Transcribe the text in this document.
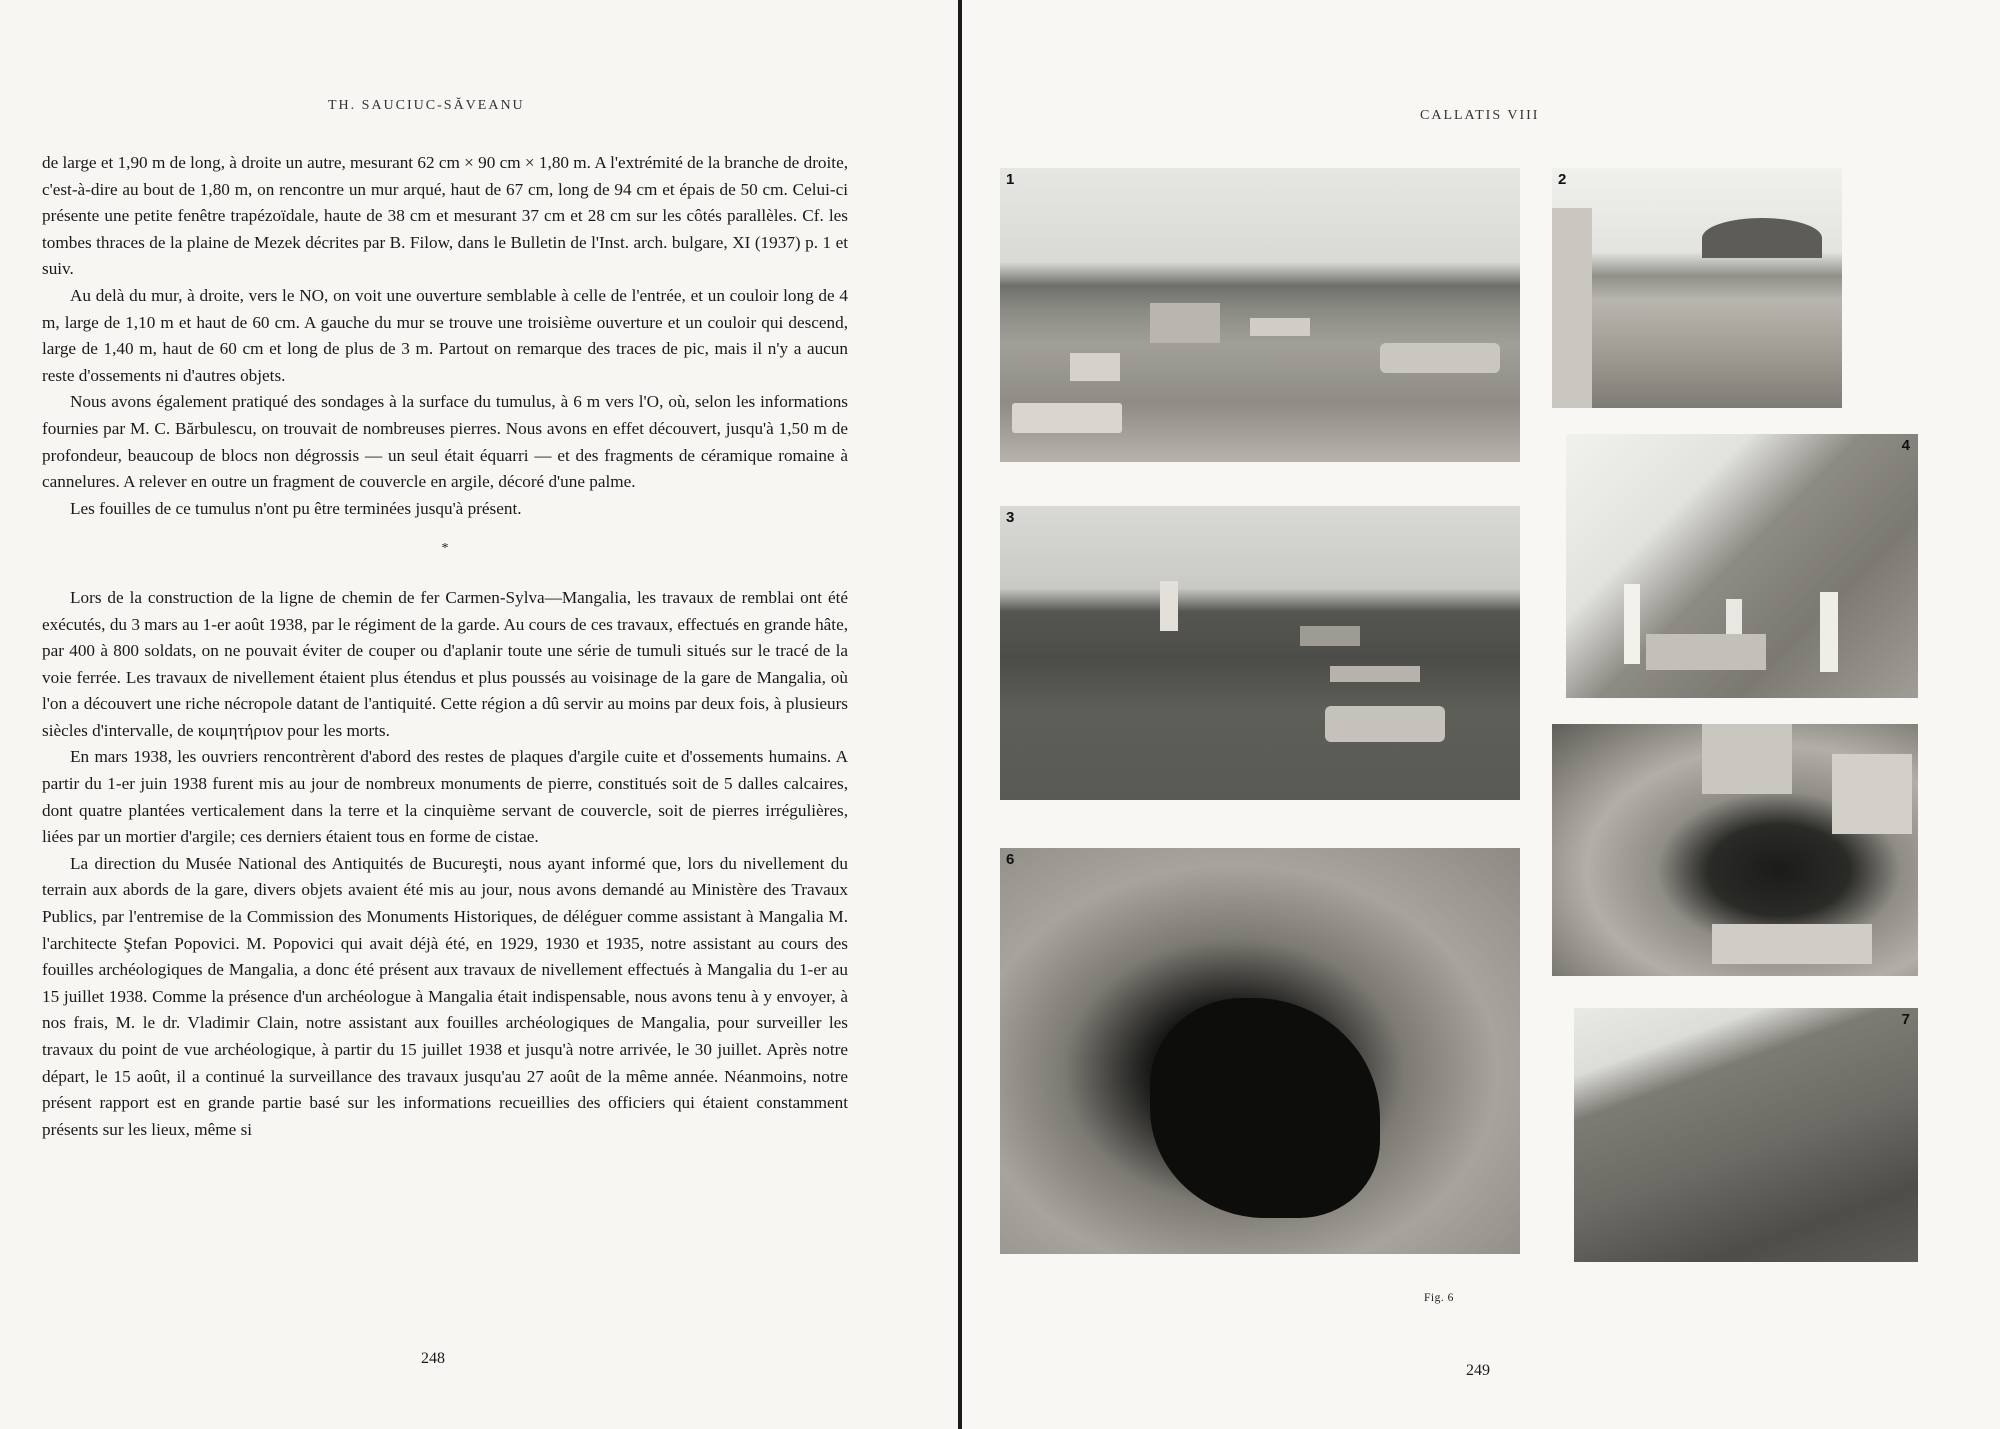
TH. SAUCIUC-SĂVEANU

de large et 1,90 m de long, à droite un autre, mesurant 62 cm × 90 cm × 1,80 m. A l'extrémité de la branche de droite, c'est-à-dire au bout de 1,80 m, on rencontre un mur arqué, haut de 67 cm, long de 94 cm et épais de 50 cm. Celui-ci présente une petite fenêtre trapézoïdale, haute de 38 cm et mesurant 37 cm et 28 cm sur les côtés parallèles. Cf. les tombes thraces de la plaine de Mezek décrites par B. Filow, dans le Bulletin de l'Inst. arch. bulgare, XI (1937) p. 1 et suiv.

Au delà du mur, à droite, vers le NO, on voit une ouverture semblable à celle de l'entrée, et un couloir long de 4 m, large de 1,10 m et haut de 60 cm. A gauche du mur se trouve une troisième ouverture et un couloir qui descend, large de 1,40 m, haut de 60 cm et long de plus de 3 m. Partout on remarque des traces de pic, mais il n'y a aucun reste d'ossements ni d'autres objets.

Nous avons également pratiqué des sondages à la surface du tumulus, à 6 m vers l'O, où, selon les informations fournies par M. C. Bărbulescu, on trouvait de nombreuses pierres. Nous avons en effet découvert, jusqu'à 1,50 m de profondeur, beaucoup de blocs non dégrossis — un seul était équarri — et des fragments de céramique romaine à cannelures. A relever en outre un fragment de couvercle en argile, décoré d'une palme.

Les fouilles de ce tumulus n'ont pu être terminées jusqu'à présent.

*

Lors de la construction de la ligne de chemin de fer Carmen-Sylva—Mangalia, les travaux de remblai ont été exécutés, du 3 mars au 1-er août 1938, par le régiment de la garde. Au cours de ces travaux, effectués en grande hâte, par 400 à 800 soldats, on ne pouvait éviter de couper ou d'aplanir toute une série de tumuli situés sur le tracé de la voie ferrée. Les travaux de nivellement étaient plus étendus et plus poussés au voisinage de la gare de Mangalia, où l'on a découvert une riche nécropole datant de l'antiquité. Cette région a dû servir au moins par deux fois, à plusieurs siècles d'intervalle, de κοιμητήριον pour les morts.

En mars 1938, les ouvriers rencontrèrent d'abord des restes de plaques d'argile cuite et d'ossements humains. A partir du 1-er juin 1938 furent mis au jour de nombreux monuments de pierre, constitués soit de 5 dalles calcaires, dont quatre plantées verticalement dans la terre et la cinquième servant de couvercle, soit de pierres irrégulières, liées par un mortier d'argile; ces derniers étaient tous en forme de cistae.

La direction du Musée National des Antiquités de Bucureşti, nous ayant informé que, lors du nivellement du terrain aux abords de la gare, divers objets avaient été mis au jour, nous avons demandé au Ministère des Travaux Publics, par l'entremise de la Commission des Monuments Historiques, de déléguer comme assistant à Mangalia M. l'architecte Ştefan Popovici. M. Popovici qui avait déjà été, en 1929, 1930 et 1935, notre assistant au cours des fouilles archéologiques de Mangalia, a donc été présent aux travaux de nivellement effectués à Mangalia du 1-er au 15 juillet 1938. Comme la présence d'un archéologue à Mangalia était indispensable, nous avons tenu à y envoyer, à nos frais, M. le dr. Vladimir Clain, notre assistant aux fouilles archéologiques de Mangalia, pour surveiller les travaux du point de vue archéologique, à partir du 15 juillet 1938 et jusqu'à notre arrivée, le 30 juillet. Après notre départ, le 15 août, il a continué la surveillance des travaux jusqu'au 27 août de la même année. Néanmoins, notre présent rapport est en grande partie basé sur les informations recueillies des officiers qui étaient constamment présents sur les lieux, même si

248
CALLATIS VIII
1	2
3
4
6
7
Fig. 6
249
